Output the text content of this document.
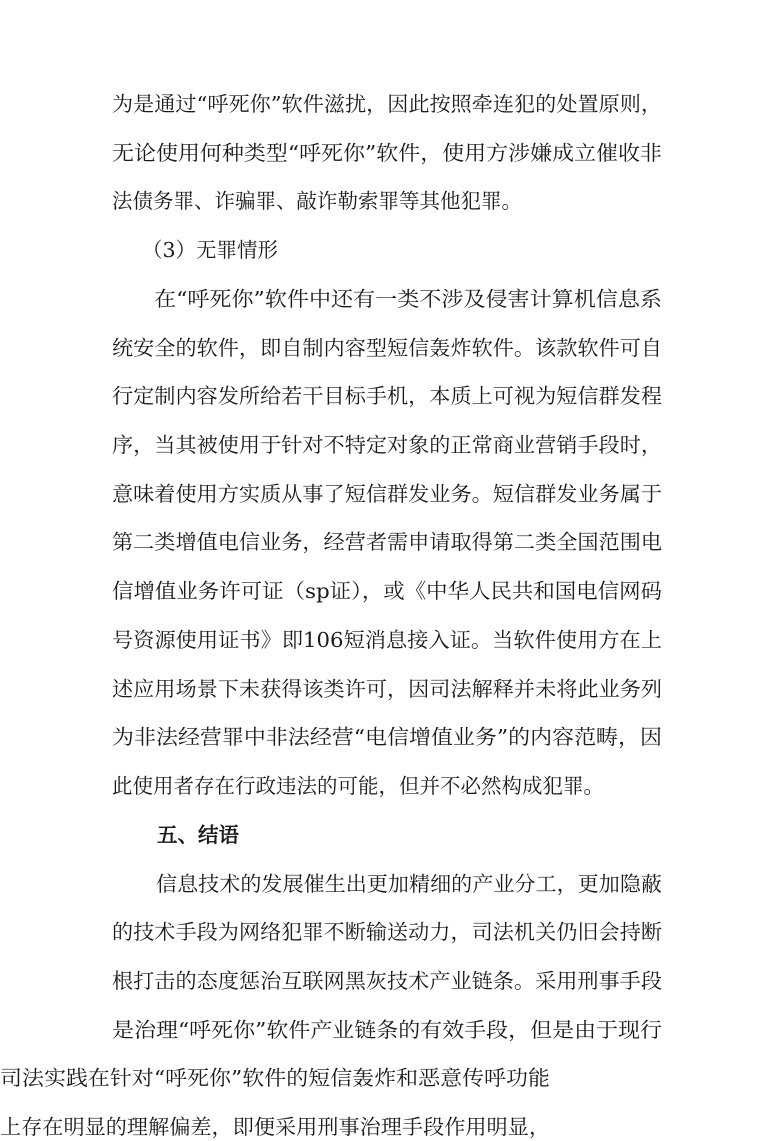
为是通过“呼死你”软件滋扰，因此按照牵连犯的处置原则，
无论使用何种类型“呼死你”软件，使用方涉嫌成立催收非
法债务罪、诈骗罪、敲诈勒索罪等其他犯罪。
（3）无罪情形
在“呼死你”软件中还有一类不涉及侵害计算机信息系
统安全的软件，即自制内容型短信轰炸软件。该款软件可自
行定制内容发所给若干目标手机，本质上可视为短信群发程
序，当其被使用于针对不特定对象的正常商业营销手段时，
意味着使用方实质从事了短信群发业务。短信群发业务属于
第二类增值电信业务，经营者需申请取得第二类全国范围电
信增值业务许可证（sp证），或《中华人民共和国电信网码
号资源使用证书》即106短消息接入证。当软件使用方在上
述应用场景下未获得该类许可，因司法解释并未将此业务列
为非法经营罪中非法经营“电信增值业务”的内容范畴，因
此使用者存在行政违法的可能，但并不必然构成犯罪。
五、结语
信息技术的发展催生出更加精细的产业分工，更加隐蔽
的技术手段为网络犯罪不断输送动力，司法机关仍旧会持断
根打击的态度惩治互联网黑灰技术产业链条。采用刑事手段
是治理“呼死你”软件产业链条的有效手段，但是由于现行
司法实践在针对“呼死你”软件的短信轰炸和恶意传呼功能
上存在明显的理解偏差，即便采用刑事治理手段作用明显，
